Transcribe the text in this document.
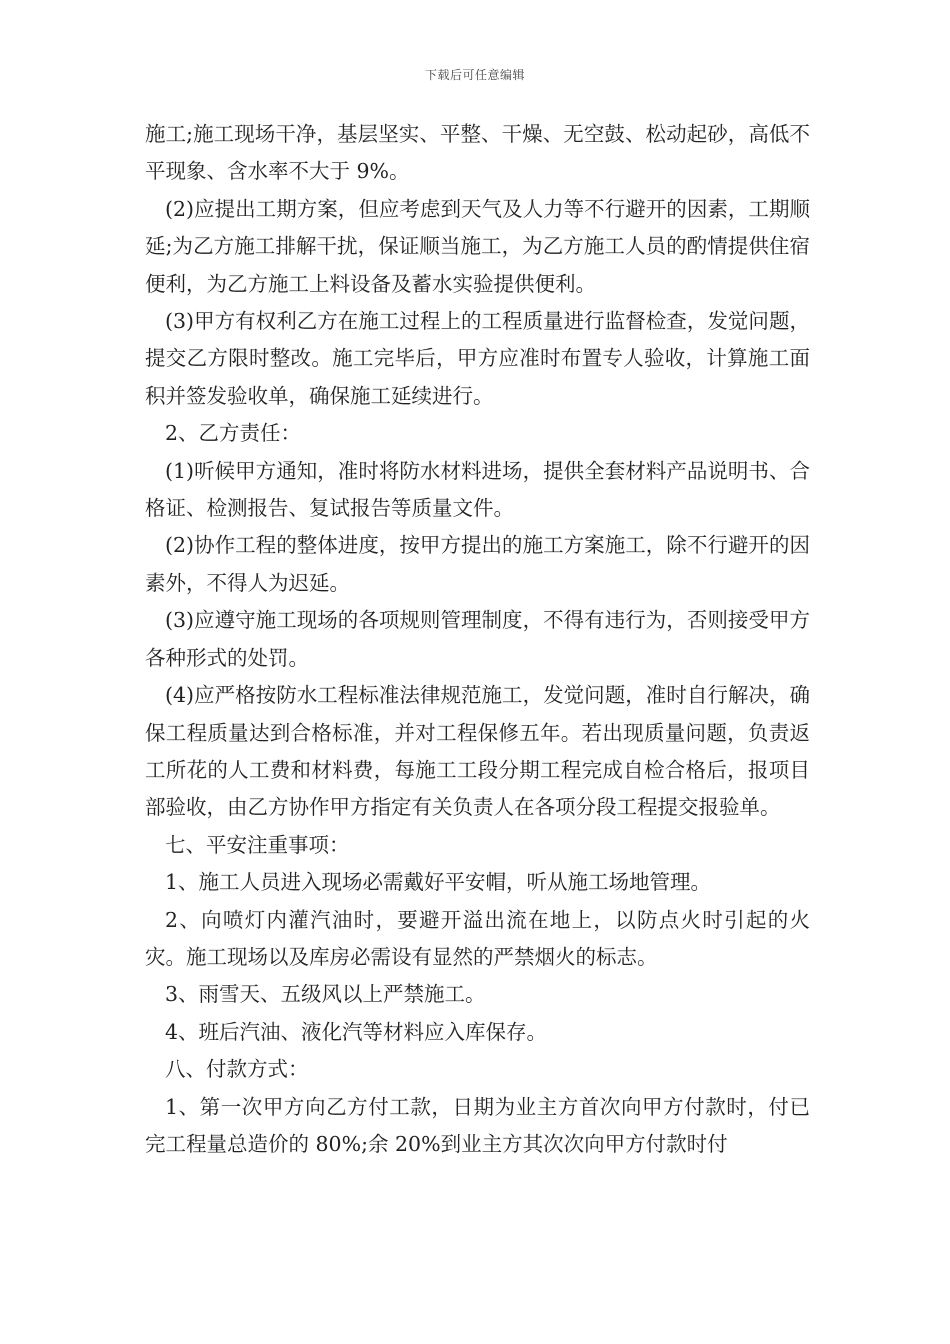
下载后可任意编辑

施工;施工现场干净，基层坚实、平整、干燥、无空鼓、松动起砂，高低不平现象、含水率不大于 9%。

(2)应提出工期方案，但应考虑到天气及人力等不行避开的因素，工期顺延;为乙方施工排解干扰，保证顺当施工，为乙方施工人员的酌情提供住宿便利，为乙方施工上料设备及蓄水实验提供便利。

(3)甲方有权利乙方在施工过程上的工程质量进行监督检查，发觉问题，提交乙方限时整改。施工完毕后，甲方应准时布置专人验收，计算施工面积并签发验收单，确保施工延续进行。

2、乙方责任：

(1)听候甲方通知，准时将防水材料进场，提供全套材料产品说明书、合格证、检测报告、复试报告等质量文件。

(2)协作工程的整体进度，按甲方提出的施工方案施工，除不行避开的因素外，不得人为迟延。

(3)应遵守施工现场的各项规则管理制度，不得有违行为，否则接受甲方各种形式的处罚。

(4)应严格按防水工程标准法律规范施工，发觉问题，准时自行解决，确保工程质量达到合格标准，并对工程保修五年。若出现质量问题，负责返工所花的人工费和材料费，每施工工段分期工程完成自检合格后，报项目部验收，由乙方协作甲方指定有关负责人在各项分段工程提交报验单。

七、平安注重事项：

1、施工人员进入现场必需戴好平安帽，听从施工场地管理。

2、向喷灯内灌汽油时，要避开溢出流在地上，以防点火时引起的火灾。施工现场以及库房必需设有显然的严禁烟火的标志。

3、雨雪天、五级风以上严禁施工。

4、班后汽油、液化汽等材料应入库保存。

八、付款方式：

1、第一次甲方向乙方付工款，日期为业主方首次向甲方付款时，付已完工程量总造价的 80%;余 20%到业主方其次次向甲方付款时付
